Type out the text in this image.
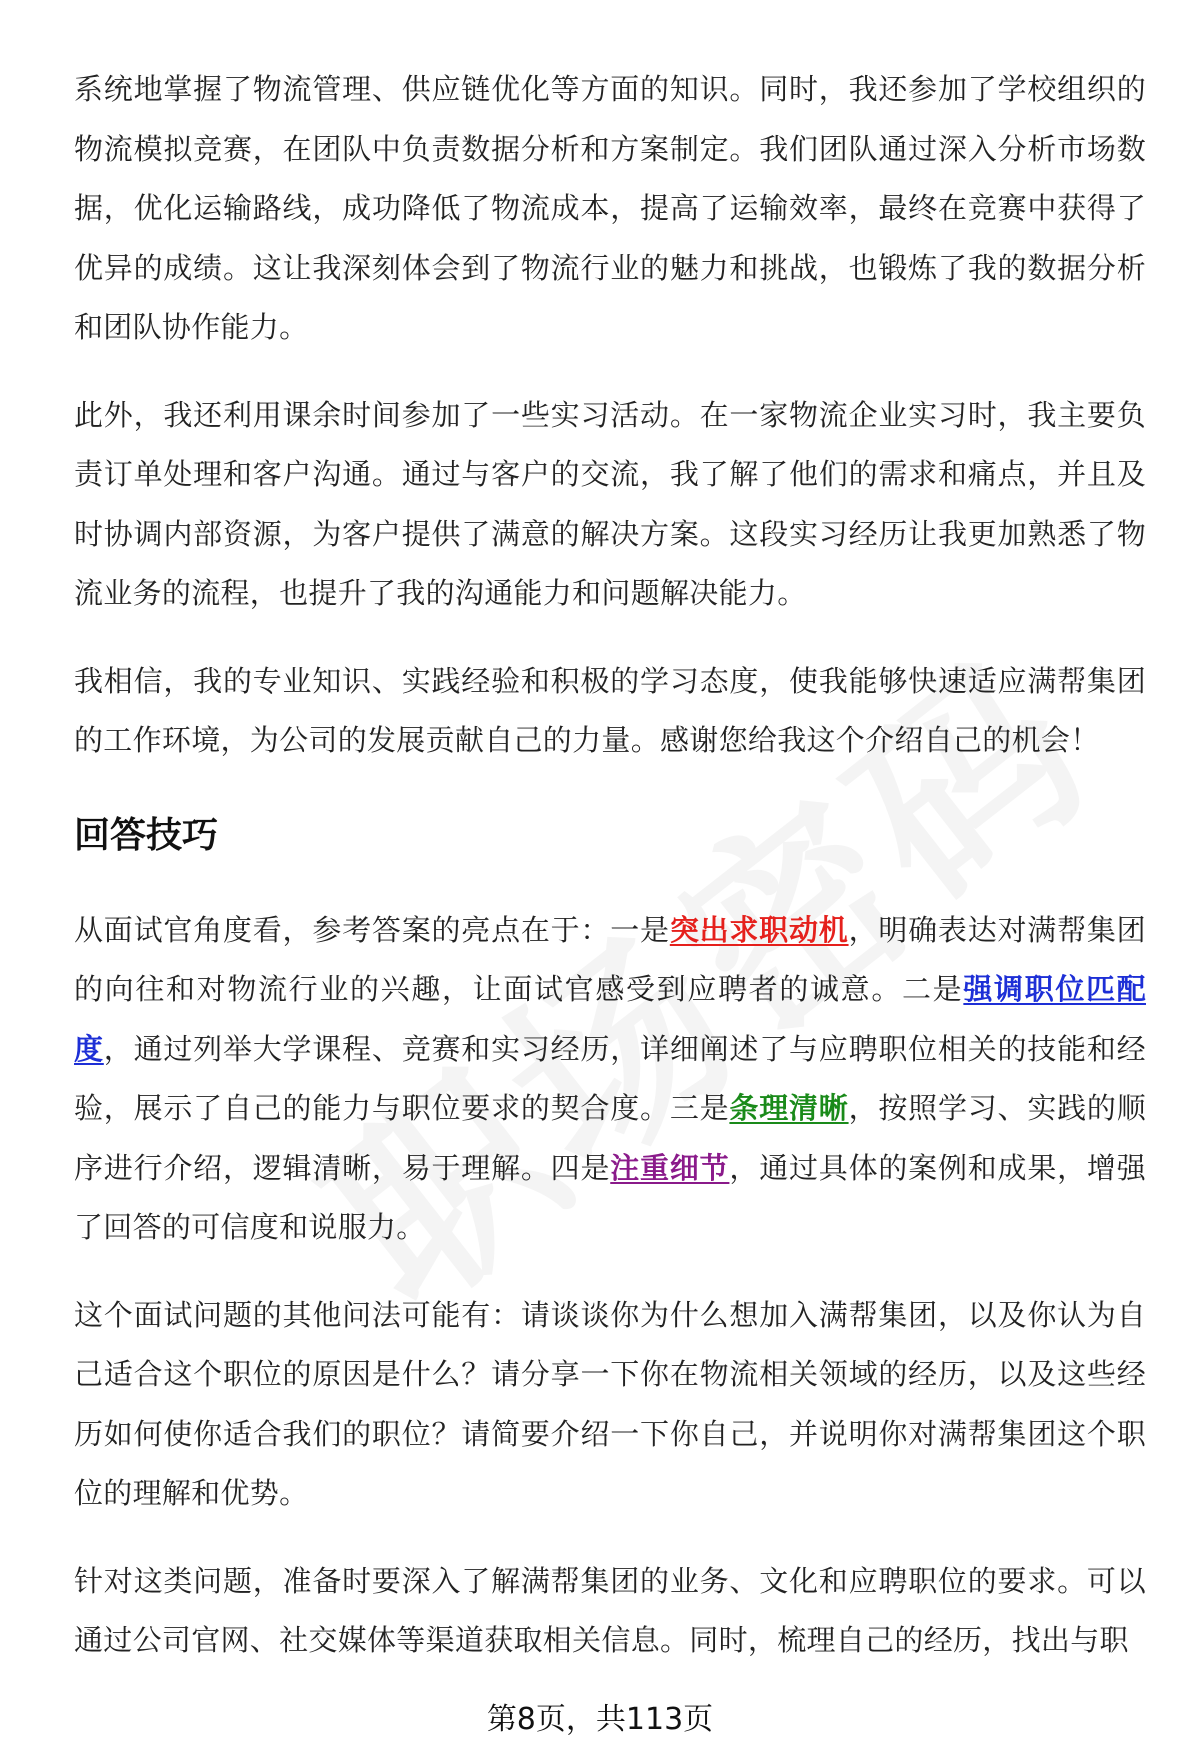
系统地掌握了物流管理、供应链优化等方面的知识。同时，我还参加了学校组织的物流模拟竞赛，在团队中负责数据分析和方案制定。我们团队通过深入分析市场数据，优化运输路线，成功降低了物流成本，提高了运输效率，最终在竞赛中获得了优异的成绩。这让我深刻体会到了物流行业的魅力和挑战，也锻炼了我的数据分析和团队协作能力。

此外，我还利用课余时间参加了一些实习活动。在一家物流企业实习时，我主要负责订单处理和客户沟通。通过与客户的交流，我了解了他们的需求和痛点，并且及时协调内部资源，为客户提供了满意的解决方案。这段实习经历让我更加熟悉了物流业务的流程，也提升了我的沟通能力和问题解决能力。

我相信，我的专业知识、实践经验和积极的学习态度，使我能够快速适应满帮集团的工作环境，为公司的发展贡献自己的力量。感谢您给我这个介绍自己的机会！

回答技巧

从面试官角度看，参考答案的亮点在于：一是突出求职动机，明确表达对满帮集团的向往和对物流行业的兴趣，让面试官感受到应聘者的诚意。二是强调职位匹配度，通过列举大学课程、竞赛和实习经历，详细阐述了与应聘职位相关的技能和经验，展示了自己的能力与职位要求的契合度。三是条理清晰，按照学习、实践的顺序进行介绍，逻辑清晰，易于理解。四是注重细节，通过具体的案例和成果，增强了回答的可信度和说服力。

这个面试问题的其他问法可能有：请谈谈你为什么想加入满帮集团，以及你认为自己适合这个职位的原因是什么？请分享一下你在物流相关领域的经历，以及这些经历如何使你适合我们的职位？请简要介绍一下你自己，并说明你对满帮集团这个职位的理解和优势。

针对这类问题，准备时要深入了解满帮集团的业务、文化和应聘职位的要求。可以通过公司官网、社交媒体等渠道获取相关信息。同时，梳理自己的经历，找出与职

第8页，共113页
